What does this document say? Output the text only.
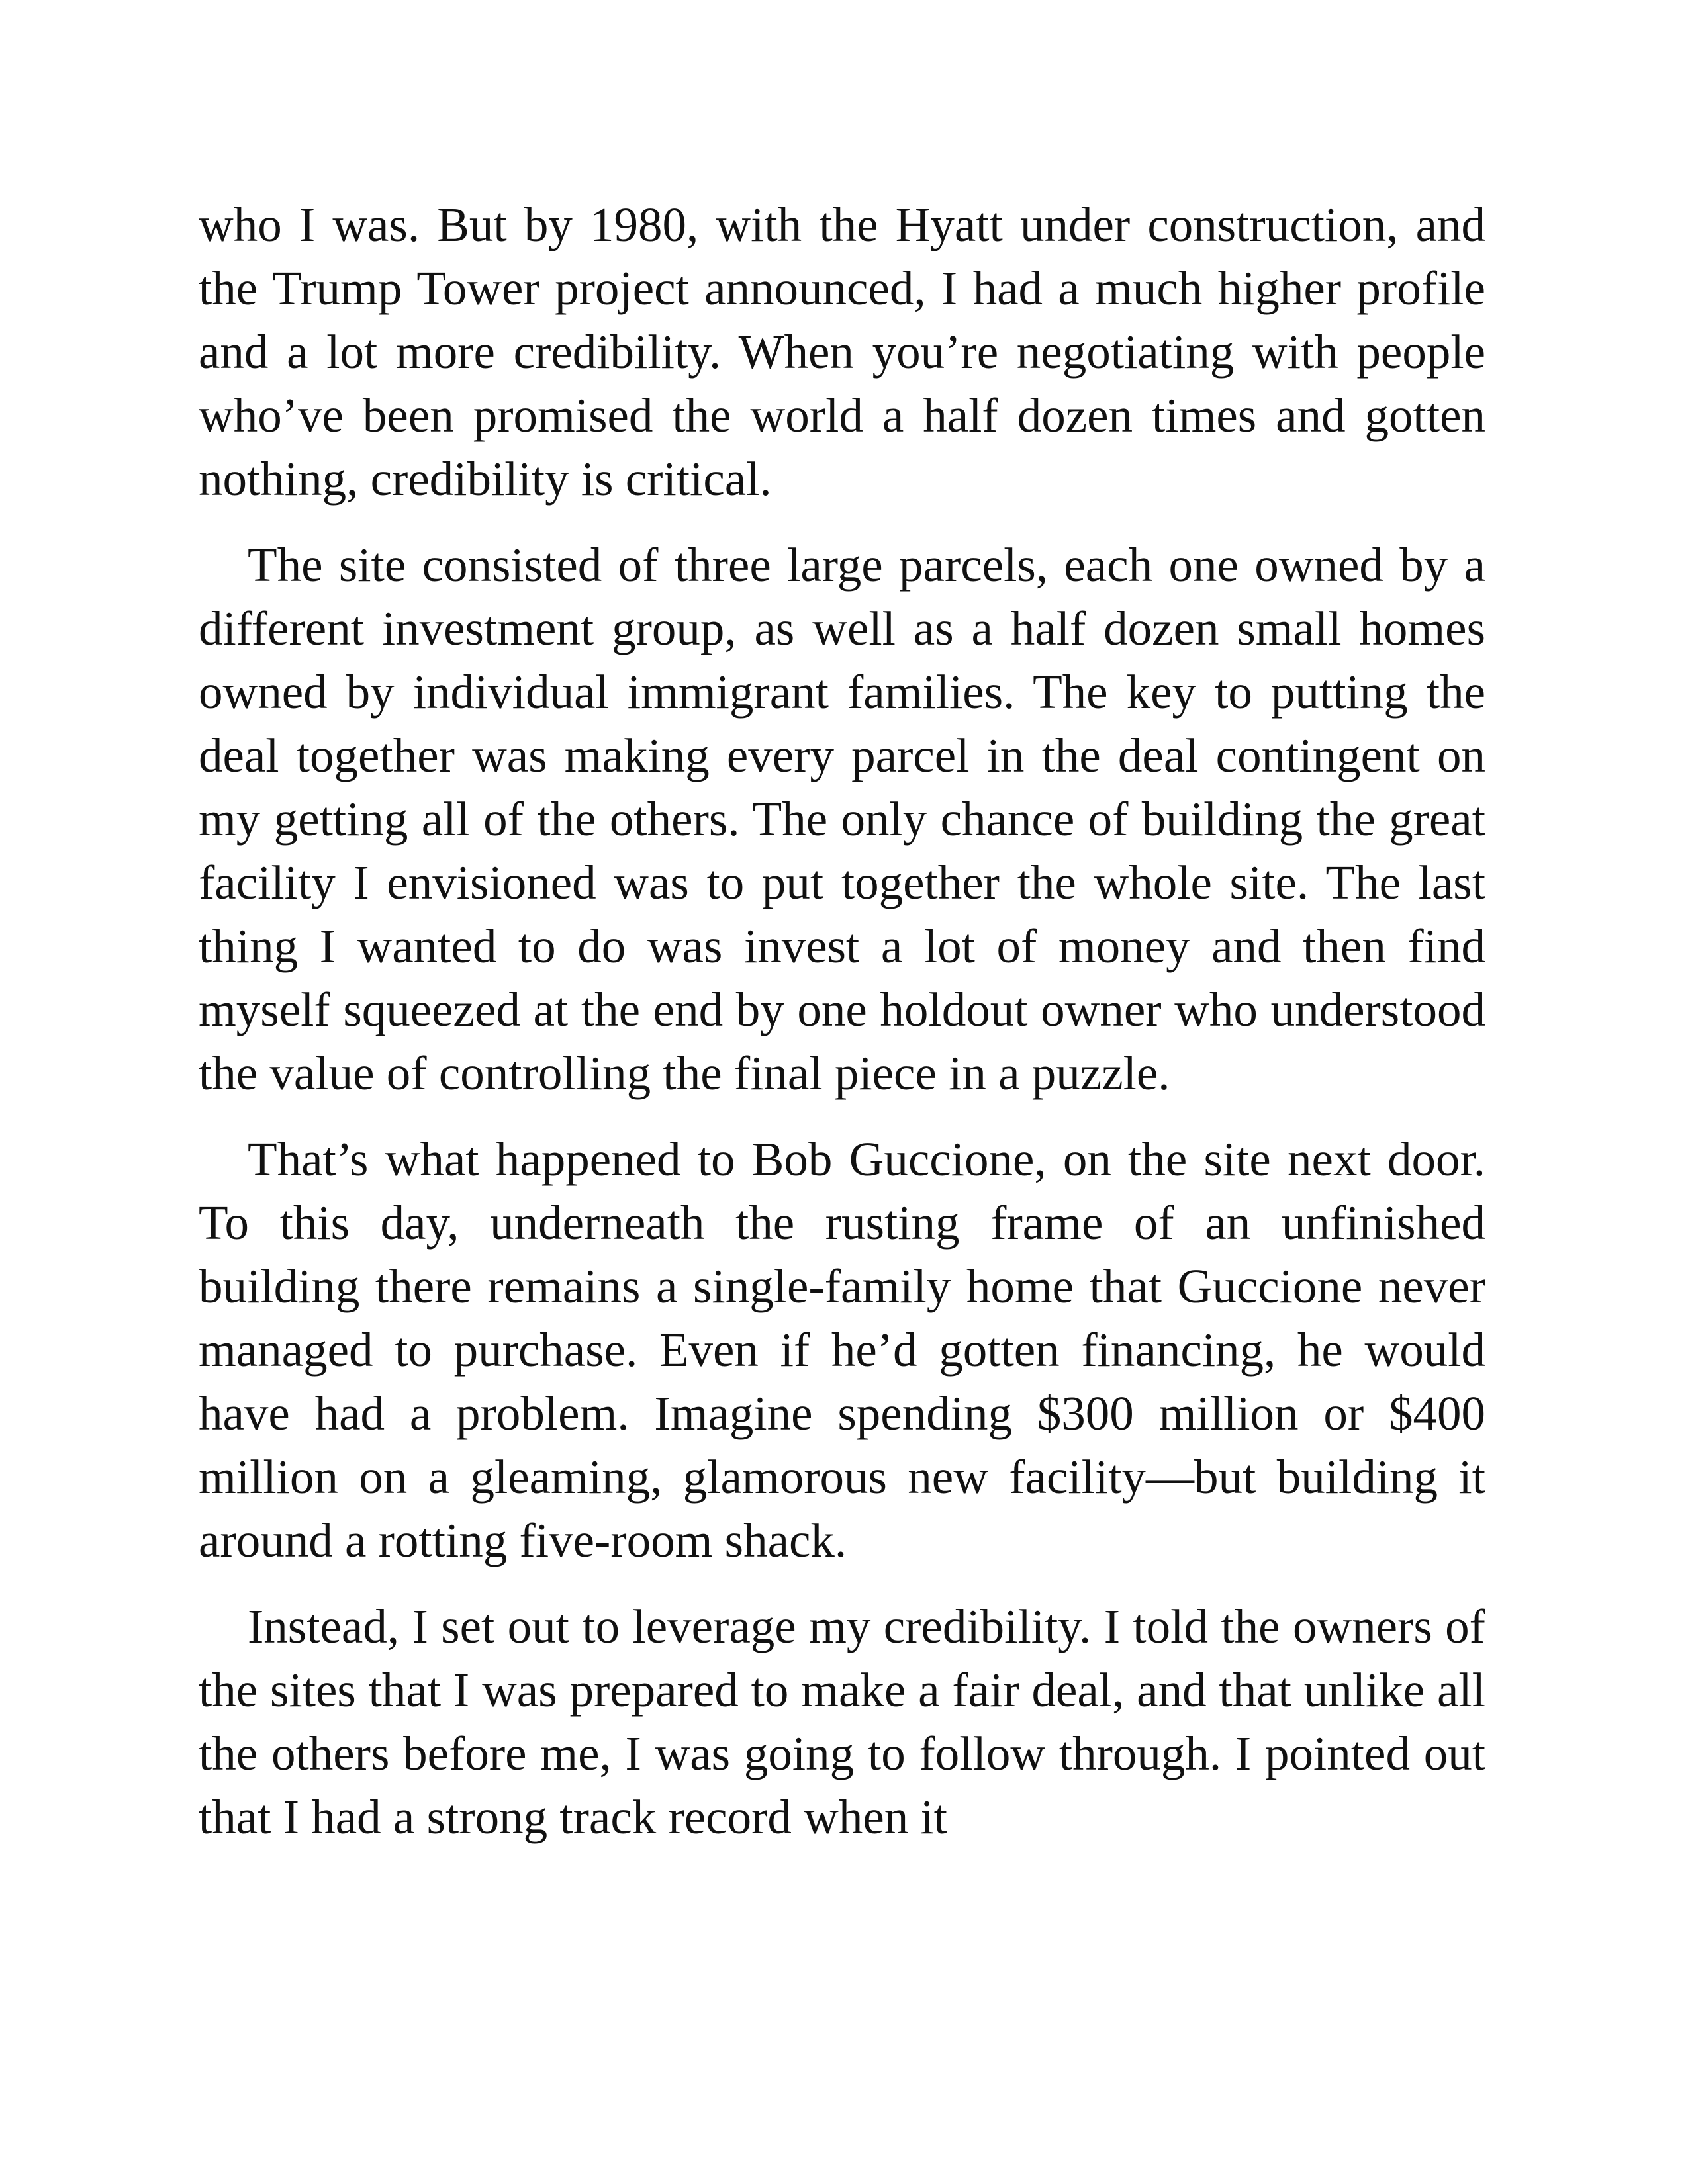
who I was. But by 1980, with the Hyatt under construction, and the Trump Tower project announced, I had a much higher profile and a lot more credibility. When you’re negotiating with people who’ve been promised the world a half dozen times and gotten nothing, credibility is critical.

The site consisted of three large parcels, each one owned by a different investment group, as well as a half dozen small homes owned by individual immigrant families. The key to putting the deal together was making every parcel in the deal contingent on my getting all of the others. The only chance of building the great facility I envisioned was to put together the whole site. The last thing I wanted to do was invest a lot of money and then find myself squeezed at the end by one holdout owner who understood the value of controlling the final piece in a puzzle.

That’s what happened to Bob Guccione, on the site next door. To this day, underneath the rusting frame of an unfinished building there remains a single-family home that Guccione never managed to purchase. Even if he’d gotten financing, he would have had a problem. Imagine spending $300 million or $400 million on a gleaming, glamorous new facility—but building it around a rotting five-room shack.

Instead, I set out to leverage my credibility. I told the owners of the sites that I was prepared to make a fair deal, and that unlike all the others before me, I was going to follow through. I pointed out that I had a strong track record when it
